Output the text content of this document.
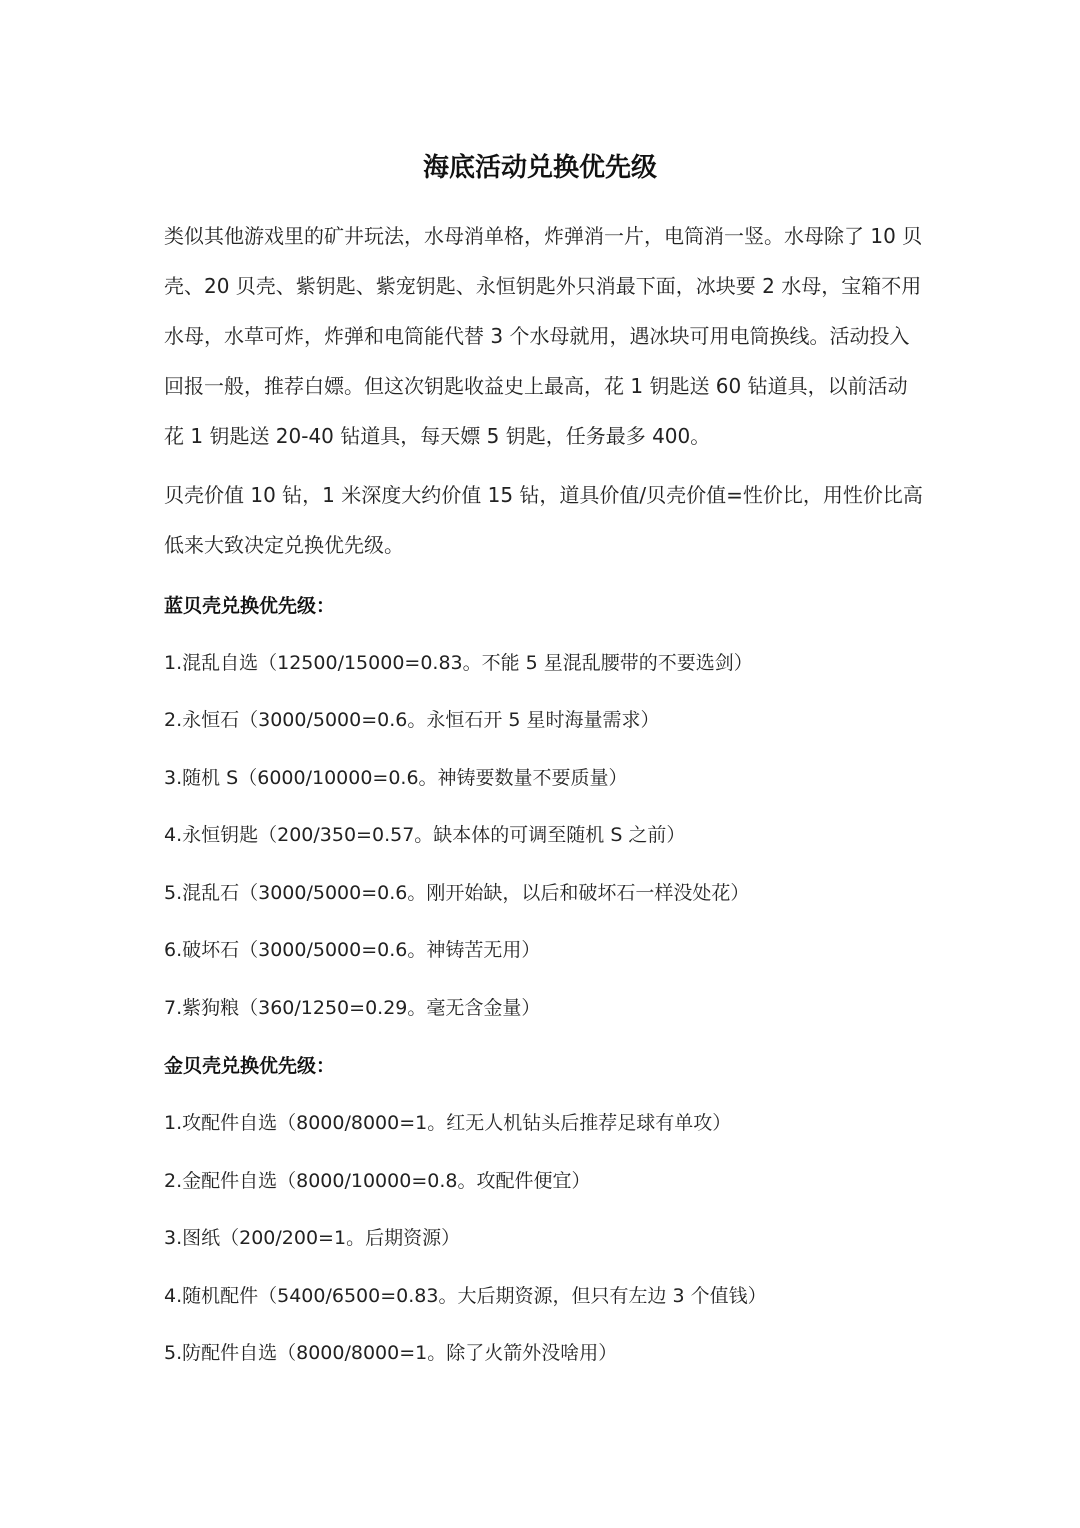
海底活动兑换优先级
类似其他游戏里的矿井玩法，水母消单格，炸弹消一片，电筒消一竖。水母除了 10 贝壳、20 贝壳、紫钥匙、紫宠钥匙、永恒钥匙外只消最下面，冰块要 2 水母，宝箱不用水母，水草可炸，炸弹和电筒能代替 3 个水母就用，遇冰块可用电筒换线。活动投入回报一般，推荐白嫖。但这次钥匙收益史上最高，花 1 钥匙送 60 钻道具，以前活动花 1 钥匙送 20-40 钻道具，每天嫖 5 钥匙，任务最多 400。
贝壳价值 10 钻，1 米深度大约价值 15 钻，道具价值/贝壳价值=性价比，用性价比高低来大致决定兑换优先级。
蓝贝壳兑换优先级：
1.混乱自选（12500/15000=0.83。不能 5 星混乱腰带的不要选剑）
2.永恒石（3000/5000=0.6。永恒石开 5 星时海量需求）
3.随机 S（6000/10000=0.6。神铸要数量不要质量）
4.永恒钥匙（200/350=0.57。缺本体的可调至随机 S 之前）
5.混乱石（3000/5000=0.6。刚开始缺，以后和破坏石一样没处花）
6.破坏石（3000/5000=0.6。神铸苦无用）
7.紫狗粮（360/1250=0.29。毫无含金量）
金贝壳兑换优先级：
1.攻配件自选（8000/8000=1。红无人机钻头后推荐足球有单攻）
2.金配件自选（8000/10000=0.8。攻配件便宜）
3.图纸（200/200=1。后期资源）
4.随机配件（5400/6500=0.83。大后期资源，但只有左边 3 个值钱）
5.防配件自选（8000/8000=1。除了火箭外没啥用）
